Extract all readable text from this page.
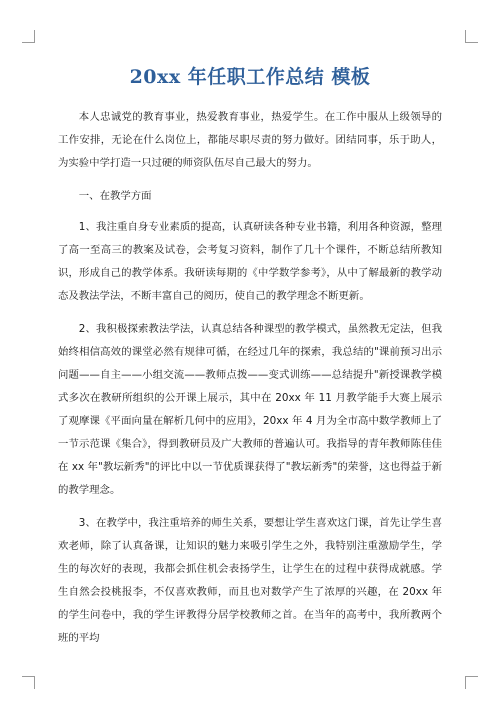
20xx 年任职工作总结 模板

本人忠诚党的教育事业，热爱教育事业，热爱学生。在工作中服从上级领导的工作安排，无论在什么岗位上，都能尽职尽责的努力做好。团结同事，乐于助人，为实验中学打造一只过硬的师资队伍尽自己最大的努力。

一、在教学方面

1、我注重自身专业素质的提高，认真研读各种专业书籍，利用各种资源，整理了高一至高三的教案及试卷，会考复习资料，制作了几十个课件，不断总结所教知识，形成自己的教学体系。我研读每期的《中学数学参考》，从中了解最新的教学动态及教法学法，不断丰富自己的阅历，使自己的教学理念不断更新。

2、我积极探索教法学法，认真总结各种课型的教学模式，虽然教无定法，但我始终相信高效的课堂必然有规律可循，在经过几年的探索，我总结的"课前预习出示问题——自主——小组交流——教师点拨——变式训练——总结提升"新授课教学模式多次在教研所组织的公开课上展示，其中在 20xx 年 11 月教学能手大赛上展示了观摩课《平面向量在解析几何中的应用》，20xx 年 4 月为全市高中数学教师上了一节示范课《集合》，得到教研员及广大教师的普遍认可。我指导的青年教师陈佳佳在 xx 年"教坛新秀"的评比中以一节优质课获得了"教坛新秀"的荣誉，这也得益于新的教学理念。

3、在教学中，我注重培养的师生关系，要想让学生喜欢这门课，首先让学生喜欢老师，除了认真备课，让知识的魅力来吸引学生之外，我特别注重激励学生，学生的每次好的表现，我都会抓住机会表扬学生，让学生在的过程中获得成就感。学生自然会投桃报李，不仅喜欢教师，而且也对数学产生了浓厚的兴趣，在 20xx 年的学生问卷中，我的学生评教得分居学校教师之首。在当年的高考中，我所教两个班的平均
